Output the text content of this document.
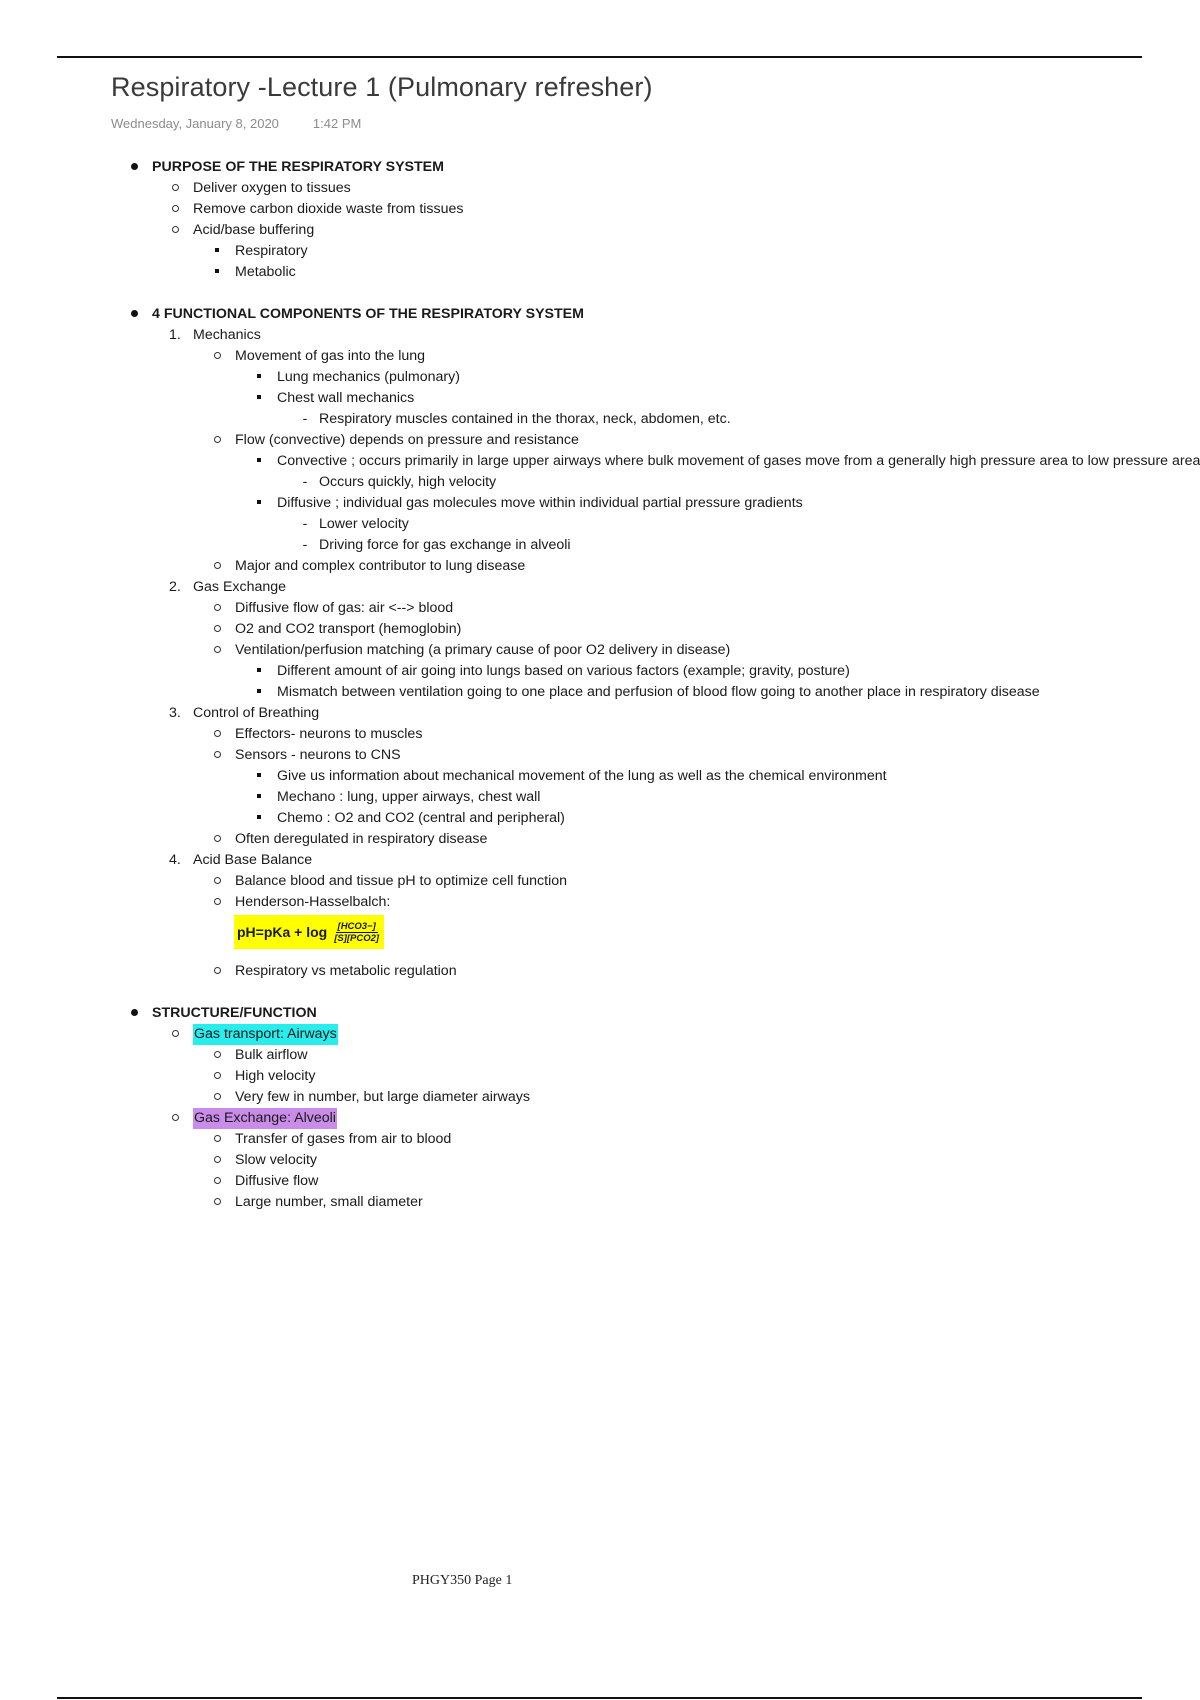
Respiratory -Lecture 1 (Pulmonary refresher)
Wednesday, January 8, 2020	1:42 PM
PURPOSE OF THE RESPIRATORY SYSTEM
Deliver oxygen to tissues
Remove carbon dioxide waste from tissues
Acid/base buffering
Respiratory
Metabolic
4 FUNCTIONAL COMPONENTS OF THE RESPIRATORY SYSTEM
1. Mechanics
Movement of gas into the lung
Lung mechanics (pulmonary)
Chest wall mechanics
-
Respiratory muscles contained in the thorax, neck, abdomen, etc.
Flow (convective) depends on pressure and resistance
Convective ; occurs primarily in large upper airways where bulk movement of gases move from a generally high pressure area to low pressure area
-
Occurs quickly, high velocity
Diffusive ; individual gas molecules move within individual partial pressure gradients
-
Lower velocity
-
Driving force for gas exchange in alveoli
Major and complex contributor to lung disease
2. Gas Exchange
Diffusive flow of gas: air <--> blood
O2 and CO2 transport (hemoglobin)
Ventilation/perfusion matching (a primary cause of poor O2 delivery in disease)
Different amount of air going into lungs based on various factors (example; gravity, posture)
Mismatch between ventilation going to one place and perfusion of blood flow going to another place in respiratory disease
3. Control of Breathing
Effectors- neurons to muscles
Sensors - neurons to CNS
Give us information about mechanical movement of the lung as well as the chemical environment
Mechano : lung, upper airways, chest wall
Chemo : O2 and CO2 (central and peripheral)
Often deregulated in respiratory disease
4. Acid Base Balance
Balance blood and tissue pH to optimize cell function
Henderson-Hasselbalch:
$pH=pKa + \log \frac{\text{[HCO3−]}}{\text{[S][PCO2]}}$
Respiratory vs metabolic regulation
STRUCTURE/FUNCTION
Gas transport: Airways
Bulk airflow
High velocity
Very few in number, but large diameter airways
Gas Exchange: Alveoli
Transfer of gases from air to blood
Slow velocity
Diffusive flow
Large number, small diameter
PHGY350 Page 1
